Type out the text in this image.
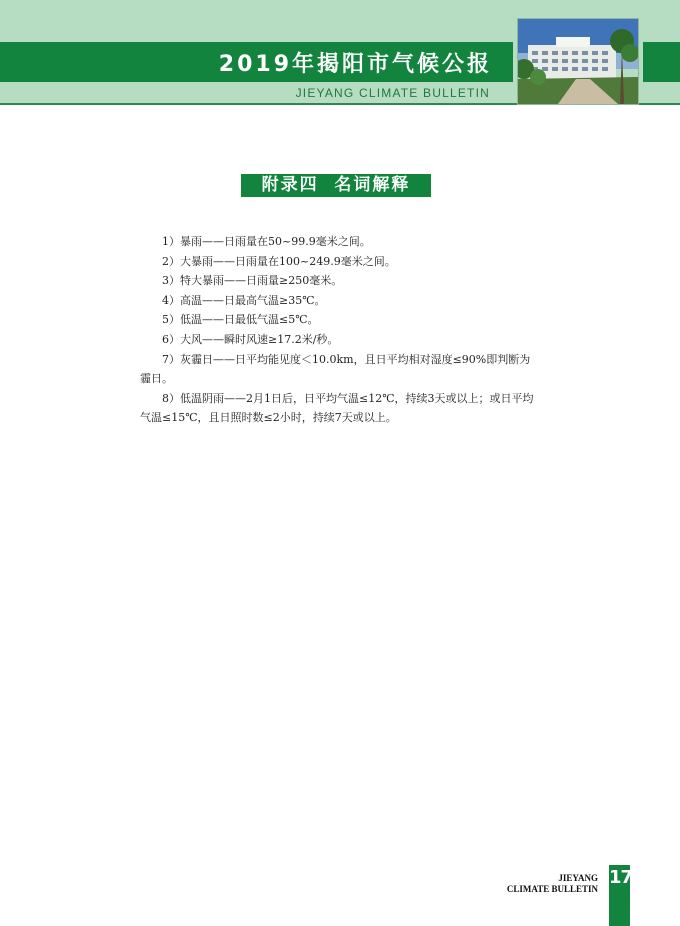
2019年揭阳市气候公报
JIEYANG CLIMATE BULLETIN
附录四  名词解释

1）暴雨——日雨量在50~99.9毫米之间。

2）大暴雨——日雨量在100~249.9毫米之间。

3）特大暴雨——日雨量≥250毫米。

4）高温——日最高气温≥35℃。

5）低温——日最低气温≤5℃。

6）大风——瞬时风速≥17.2米/秒。

7）灰霾日——日平均能见度＜10.0km，且日平均相对湿度≤90%即判断为霾日。

8）低温阴雨——2月1日后，日平均气温≤12℃，持续3天或以上；或日平均气温≤15℃，且日照时数≤2小时，持续7天或以上。

JIEYANG
CLIMATE BULLETIN
17
